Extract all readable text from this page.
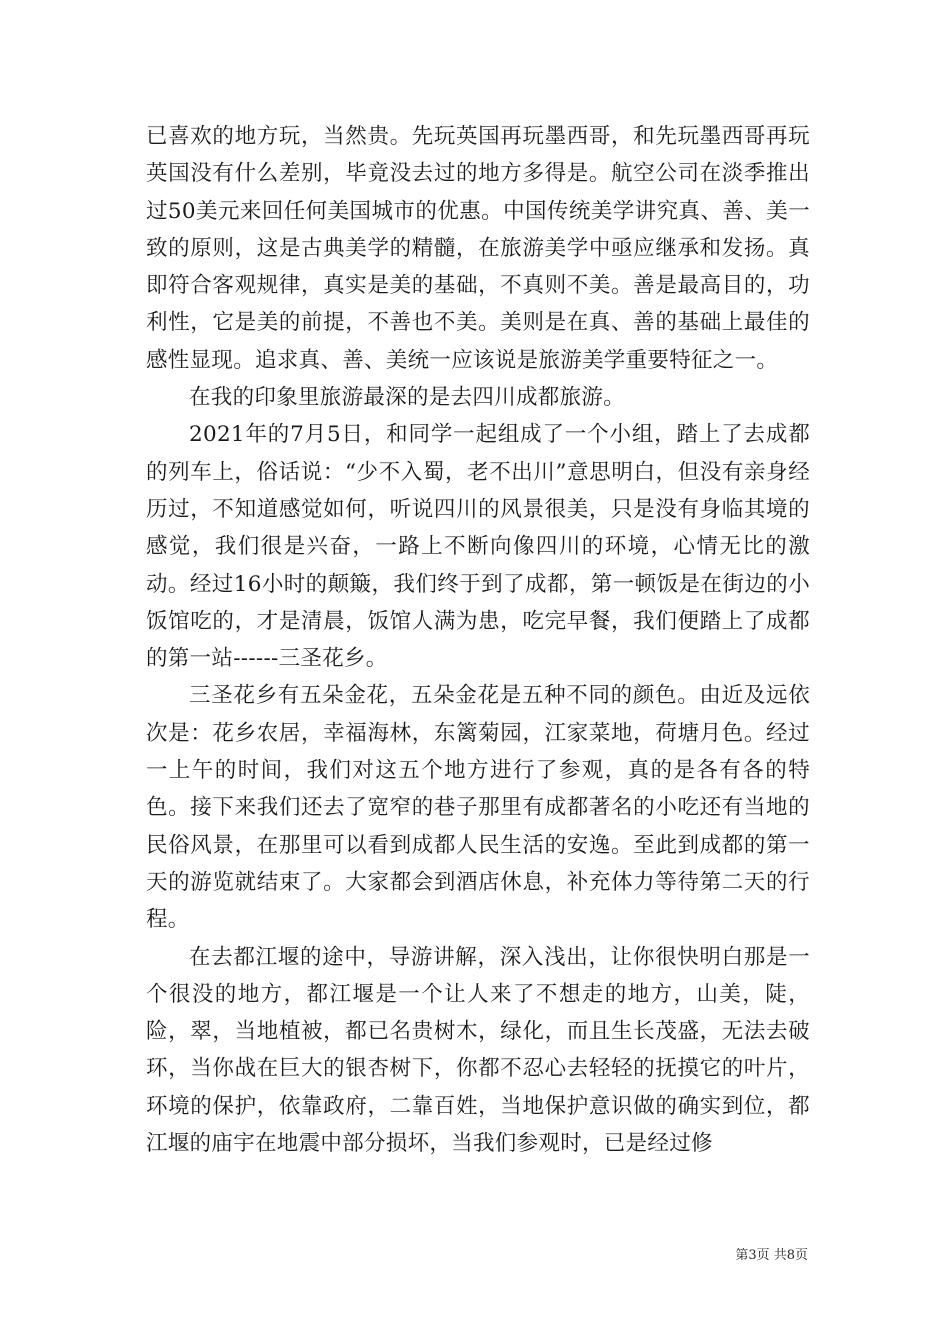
已喜欢的地方玩，当然贵。先玩英国再玩墨西哥，和先玩墨西哥再玩英国没有什么差别，毕竟没去过的地方多得是。航空公司在淡季推出过50美元来回任何美国城市的优惠。中国传统美学讲究真、善、美一致的原则，这是古典美学的精髓，在旅游美学中亟应继承和发扬。真即符合客观规律，真实是美的基础，不真则不美。善是最高目的，功利性，它是美的前提，不善也不美。美则是在真、善的基础上最佳的感性显现。追求真、善、美统一应该说是旅游美学重要特征之一。

在我的印象里旅游最深的是去四川成都旅游。

2021年的7月5日，和同学一起组成了一个小组，踏上了去成都的列车上，俗话说：“少不入蜀，老不出川”意思明白，但没有亲身经历过，不知道感觉如何，听说四川的风景很美，只是没有身临其境的感觉，我们很是兴奋，一路上不断向像四川的环境，心情无比的激动。经过16小时的颠簸，我们终于到了成都，第一顿饭是在街边的小饭馆吃的，才是清晨，饭馆人满为患，吃完早餐，我们便踏上了成都的第一站------三圣花乡。

三圣花乡有五朵金花，五朵金花是五种不同的颜色。由近及远依次是：花乡农居，幸福海林，东篱菊园，江家菜地，荷塘月色。经过一上午的时间，我们对这五个地方进行了参观，真的是各有各的特色。接下来我们还去了宽窄的巷子那里有成都著名的小吃还有当地的民俗风景，在那里可以看到成都人民生活的安逸。至此到成都的第一天的游览就结束了。大家都会到酒店休息，补充体力等待第二天的行程。

在去都江堰的途中，导游讲解，深入浅出，让你很快明白那是一个很没的地方，都江堰是一个让人来了不想走的地方，山美，陡，险，翠，当地植被，都已名贵树木，绿化，而且生长茂盛，无法去破环，当你战在巨大的银杏树下，你都不忍心去轻轻的抚摸它的叶片，环境的保护，依靠政府，二靠百姓，当地保护意识做的确实到位，都江堰的庙宇在地震中部分损坏，当我们参观时，已是经过修

第3页 共8页
